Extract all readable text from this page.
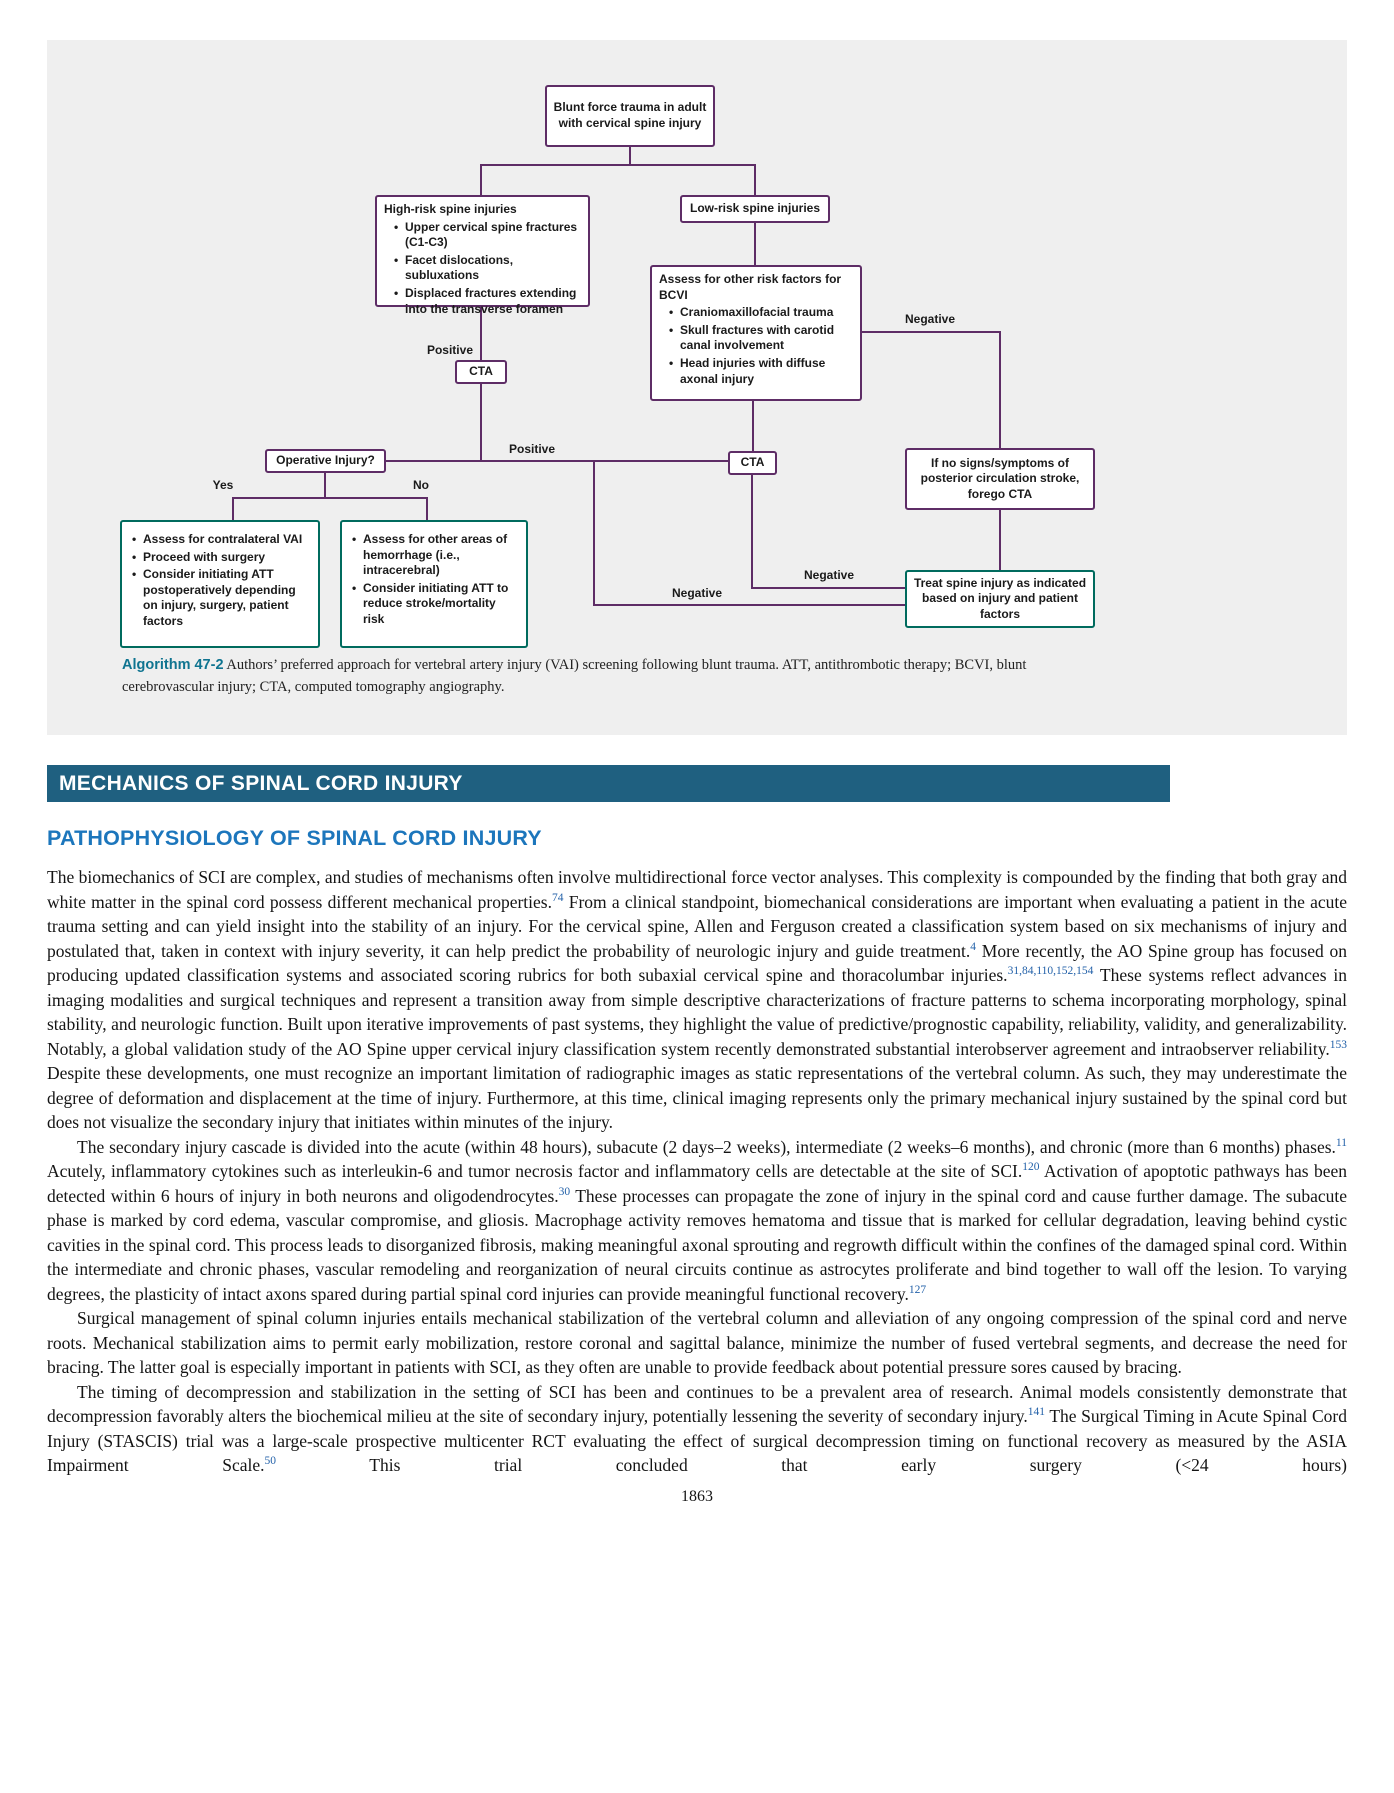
Positive
Positive
Negative
Yes	No
Negative
Negative
Blunt force trauma in adult with cervical spine injury
High-risk spine injuries
• Upper cervical spine fractures (C1-C3)
• Facet dislocations, subluxations
• Displaced fractures extending into the transverse foramen
Low-risk spine injuries
Assess for other risk factors for BCVI
• Craniomaxillofacial trauma
• Skull fractures with carotid canal involvement
• Head injuries with diffuse axonal injury
CTA
Operative Injury?	CTA	If no signs/symptoms of posterior circulation stroke, forego CTA
• Assess for contralateral VAI
• Proceed with surgery
• Consider initiating ATT postoperatively depending on injury, surgery, patient factors
• Assess for other areas of hemorrhage (i.e., intracerebral)
• Consider initiating ATT to reduce stroke/mortality risk
Treat spine injury as indicated based on injury and patient factors
Algorithm 47-2 Authors’ preferred approach for vertebral artery injury (VAI) screening following blunt trauma. ATT, antithrombotic therapy; BCVI, blunt cerebrovascular injury; CTA, computed tomography angiography.
MECHANICS OF SPINAL CORD INJURY
PATHOPHYSIOLOGY OF SPINAL CORD INJURY

The biomechanics of SCI are complex, and studies of mechanisms often involve multidirectional force vector analyses. This complexity is compounded by the finding that both gray and white matter in the spinal cord possess different mechanical properties.$^{74}$ From a clinical standpoint, biomechanical considerations are important when evaluating a patient in the acute trauma setting and can yield insight into the stability of an injury. For the cervical spine, Allen and Ferguson created a classification system based on six mechanisms of injury and postulated that, taken in context with injury severity, it can help predict the probability of neurologic injury and guide treatment.$^4$ More recently, the AO Spine group has focused on producing updated classification systems and associated scoring rubrics for both subaxial cervical spine and thoracolumbar injuries.$^{31,84,110,152,154}$ These systems reflect advances in imaging modalities and surgical techniques and represent a transition away from simple descriptive characterizations of fracture patterns to schema incorporating morphology, spinal stability, and neurologic function. Built upon iterative improvements of past systems, they highlight the value of predictive/prognostic capability, reliability, validity, and generalizability. Notably, a global validation study of the AO Spine upper cervical injury classification system recently demonstrated substantial interobserver agreement and intraobserver reliability.$^{153}$ Despite these developments, one must recognize an important limitation of radiographic images as static representations of the vertebral column. As such, they may underestimate the degree of deformation and displacement at the time of injury. Furthermore, at this time, clinical imaging represents only the primary mechanical injury sustained by the spinal cord but does not visualize the secondary injury that initiates within minutes of the injury.

The secondary injury cascade is divided into the acute (within 48 hours), subacute (2 days–2 weeks), intermediate (2 weeks–6 months), and chronic (more than 6 months) phases.$^{11}$ Acutely, inflammatory cytokines such as interleukin-6 and tumor necrosis factor and inflammatory cells are detectable at the site of SCI.$^{120}$ Activation of apoptotic pathways has been detected within 6 hours of injury in both neurons and oligodendrocytes.$^{30}$ These processes can propagate the zone of injury in the spinal cord and cause further damage. The subacute phase is marked by cord edema, vascular compromise, and gliosis. Macrophage activity removes hematoma and tissue that is marked for cellular degradation, leaving behind cystic cavities in the spinal cord. This process leads to disorganized fibrosis, making meaningful axonal sprouting and regrowth difficult within the confines of the damaged spinal cord. Within the intermediate and chronic phases, vascular remodeling and reorganization of neural circuits continue as astrocytes proliferate and bind together to wall off the lesion. To varying degrees, the plasticity of intact axons spared during partial spinal cord injuries can provide meaningful functional recovery.$^{127}$

Surgical management of spinal column injuries entails mechanical stabilization of the vertebral column and alleviation of any ongoing compression of the spinal cord and nerve roots. Mechanical stabilization aims to permit early mobilization, restore coronal and sagittal balance, minimize the number of fused vertebral segments, and decrease the need for bracing. The latter goal is especially important in patients with SCI, as they often are unable to provide feedback about potential pressure sores caused by bracing.

The timing of decompression and stabilization in the setting of SCI has been and continues to be a prevalent area of research. Animal models consistently demonstrate that decompression favorably alters the biochemical milieu at the site of secondary injury, potentially lessening the severity of secondary injury.$^{141}$ The Surgical Timing in Acute Spinal Cord Injury (STASCIS) trial was a large-scale prospective multicenter RCT evaluating the effect of surgical decompression timing on functional recovery as measured by the ASIA Impairment Scale.$^{50}$ This trial concluded that early surgery (<24 hours)

1863
